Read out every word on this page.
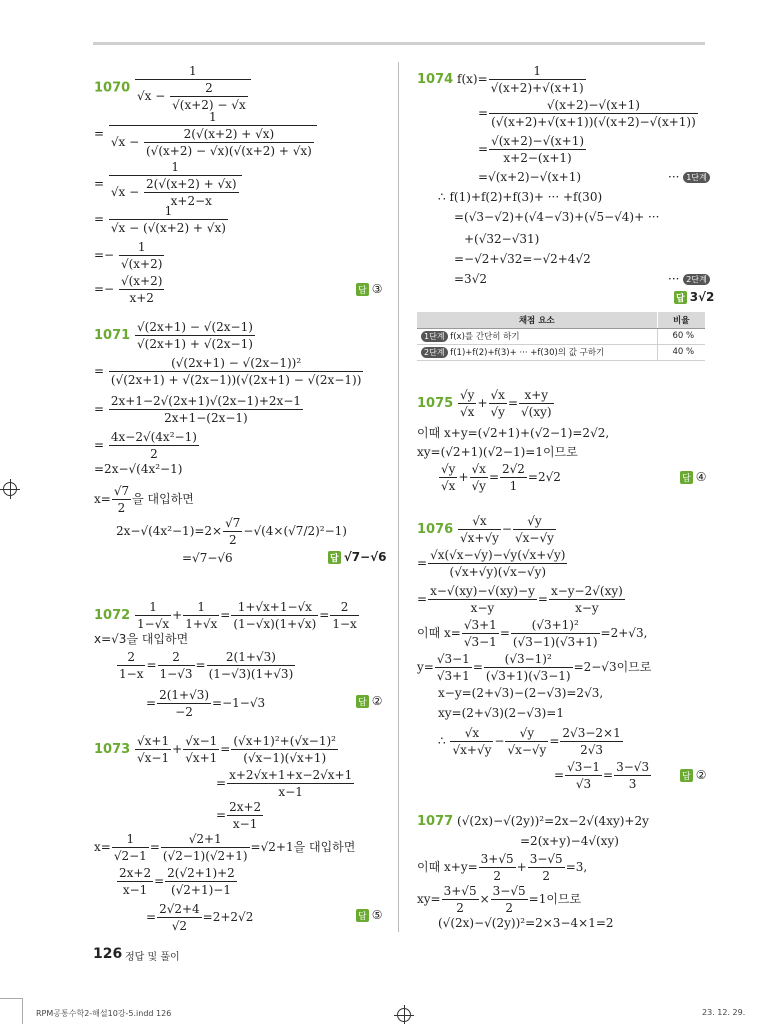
$1070 \frac{1}{√x - \frac{2}{√(x+2) - √x}}$
= $\frac{1}{√x - \frac{2(√(x+2) + √x)}{(√(x+2) - √x)(√(x+2) + √x)}}$
= $\frac{1}{√x - \frac{2(√(x+2) + √x)}{x+2-x}}$
= $\frac{1}{√x - (√(x+2) + √x)}$
=− $\frac{1}{√(x+2)}$
=− $\frac{√(x+2)}{x+2}$	답 ③
$1071 \frac{√(2x+1) - √(2x-1)}{√(2x+1) + √(2x-1)}$
= $\frac{\text{(√(2x+1) − √(2x−1))²}}{(√(2x+1) + √(2x-1))(√(2x+1) - √(2x-1))}$
= $\frac{2x+1-2√(2x+1)√(2x-1)+2x-1}{2x+1-(2x-1)}$
= $\frac{\text{4x−2√(4x²−1)}}{2}$
=2x−√(4x²−1)
$x= \frac{√7}{2}$ 을 대입하면
$2x-√(4x^2-1)=2\times \frac{√7}{2} -√(4\times(√7/2)^2-1)$
=√7−√6	답 √7−√6
$1072 \frac{1}{1-√x} + \frac{1}{1+√x} = \frac{1+√x+1-√x}{(1-√x)(1+√x)} = \frac{2}{1-x}$
x=√3을 대입하면
$\frac{2}{1-x} = \frac{2}{1-√3} = \frac{2(1+√3)}{(1-√3)(1+√3)}$
= $\frac{2(1+√3)}{-2} =-1-√3$	답 ②
$1073 \frac{√x+1}{√x-1} + \frac{√x-1}{√x+1} = \frac{\text{(√x+1)²+(√x−1)²}}{(√x-1)(√x+1)}$
= $\frac{x+2√x+1+x-2√x+1}{x-1}$
= $\frac{2x+2}{x-1}$
$x= \frac{1}{√2-1} = \frac{√2+1}{(√2-1)(√2+1)} =√2+1$을 대입하면
$\frac{2x+2}{x-1} = \frac{2(√2+1)+2}{(√2+1)-1}$
= $\frac{2√2+4}{√2} =2+2√2$	답 ⑤
1074 $f(x)= \frac{1}{√(x+2)+√(x+1)}$
= $\frac{√(x+2)-√(x+1)}{(√(x+2)+√(x+1))(√(x+2)-√(x+1))}$
= $\frac{√(x+2)-√(x+1)}{x+2-(x+1)}$
=√(x+2)−√(x+1)	··· 1단계
∴ f(1)+f(2)+f(3)+ ··· +f(30)
=(√3−√2)+(√4−√3)+(√5−√4)+ ···
+(√32−√31)
=−√2+√32=−√2+4√2
=3√2	··· 2단계
답 3√2
채점 요소	비율
1단계 f(x)를 간단히 하기	60 %
2단계 f(1)+f(2)+f(3)+ ··· +f(30)의 값 구하기	40 %
$1075 \frac{√y}{√x} + \frac{√x}{√y} = \frac{x+y}{√(xy)}$
이때 x+y=(√2+1)+(√2−1)=2√2,
xy=(√2+1)(√2−1)=1이므로
$\frac{√y}{√x} + \frac{√x}{√y} = \frac{2√2}{1} =2√2$	답 ④
$1076 \frac{√x}{√x+√y} - \frac{√y}{√x-√y}$
= $\frac{√x(√x-√y)-√y(√x+√y)}{(√x+√y)(√x-√y)}$
= $\frac{x-√(xy)-√(xy)-y}{x-y} = \frac{x-y-2√(xy)}{x-y}$
이때 $x= \frac{√3+1}{√3-1} = \frac{\text{(√3+1)²}}{(√3-1)(√3+1)} =2+√3$,
$y= \frac{√3-1}{√3+1} = \frac{\text{(√3−1)²}}{(√3+1)(√3-1)} =2-√3$이므로
x−y=(2+√3)−(2−√3)=2√3,
xy=(2+√3)(2−√3)=1
∴ $\frac{√x}{√x+√y} - \frac{√y}{√x-√y} = \frac{2√3-2\times 1}{2√3}$
= $\frac{√3-1}{√3} = \frac{3-√3}{3}$	답 ②
1077 (√(2x)−√(2y))²=2x−2√(4xy)+2y
=2(x+y)−4√(xy)
이때 $x+y= \frac{3+√5}{2} + \frac{3-√5}{2} =3$,
$xy= \frac{3+√5}{2} \times \frac{3-√5}{2} =1$이므로
(√(2x)−√(2y))²=2×3−4×1=2
126 정답 및 풀이
RPM공통수학2-해설10강-5.indd 126	23. 12. 29.
